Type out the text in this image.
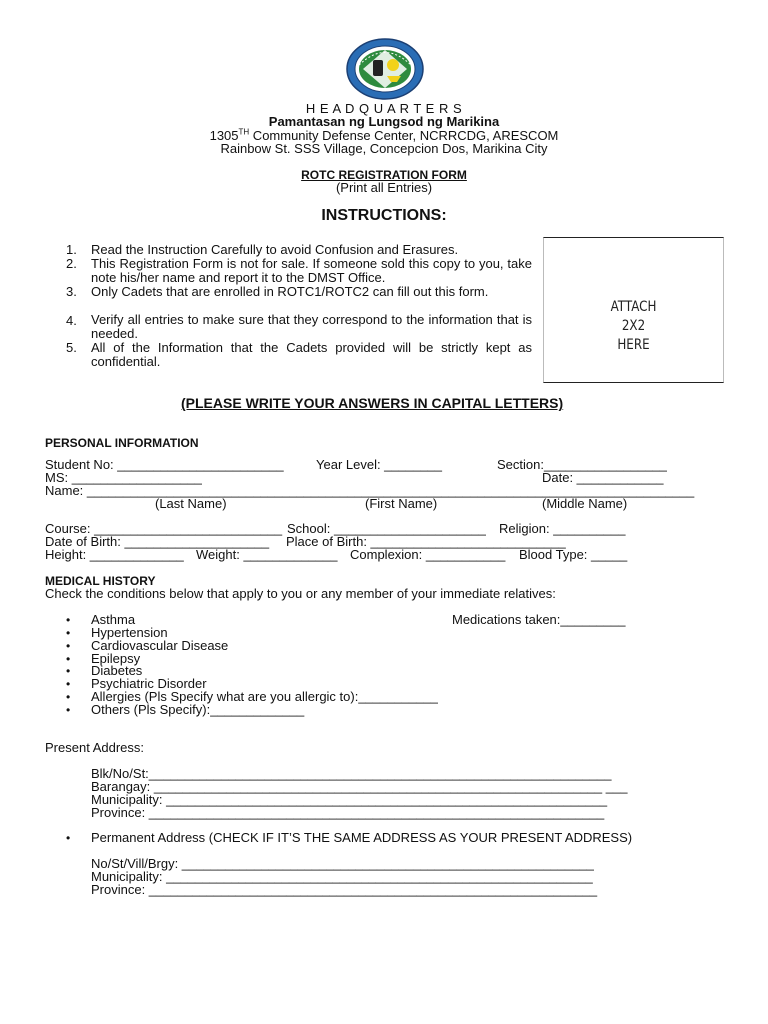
H E A D Q U A R T E R S
Pamantasan ng Lungsod ng Marikina
1305TH Community Defense Center, NCRRCDG, ARESCOM
Rainbow St. SSS Village, Concepcion Dos, Marikina City
ROTC REGISTRATION FORM
(Print all Entries)
INSTRUCTIONS:
1. Read the Instruction Carefully to avoid Confusion and Erasures.
2. This Registration Form is not for sale. If someone sold this copy to you, take note his/her name and report it to the DMST Office.
3. Only Cadets that are enrolled in ROTC1/ROTC2 can fill out this form.
4. Verify all entries to make sure that they correspond to the information that is needed.
5. All of the Information that the Cadets provided will be strictly kept as confidential.
ATTACH
2X2
HERE
(PLEASE WRITE YOUR ANSWERS IN CAPITAL LETTERS)
PERSONAL INFORMATION
Student No: _______________________ Year Level: ________	Section:_________________
MS: __________________	Date: ____________
Name: ____________________________________________________________________________________
(Last Name)	(First Name)	(Middle Name)
Course: __________________________ School: _____________________ Religion: __________
Date of Birth: ____________________ Place of Birth: ___________________________
Height: _____________ Weight: _____________ Complexion: ___________ Blood Type: _____
MEDICAL HISTORY
Check the conditions below that apply to you or any member of your immediate relatives:
• Asthma	Medications taken:_________
• Hypertension
• Cardiovascular Disease
• Epilepsy
• Diabetes
• Psychiatric Disorder
• Allergies (Pls Specify what are you allergic to):___________
• Others (Pls Specify):_____________
Present Address:
Blk/No/St:________________________________________________________________
Barangay: ______________________________________________________________ ___
Municipality: _____________________________________________________________
Province: _______________________________________________________________
• Permanent Address (CHECK IF IT’S THE SAME ADDRESS AS YOUR PRESENT ADDRESS)
No/St/Vill/Brgy: _________________________________________________________
Municipality: ___________________________________________________________
Province: ______________________________________________________________
